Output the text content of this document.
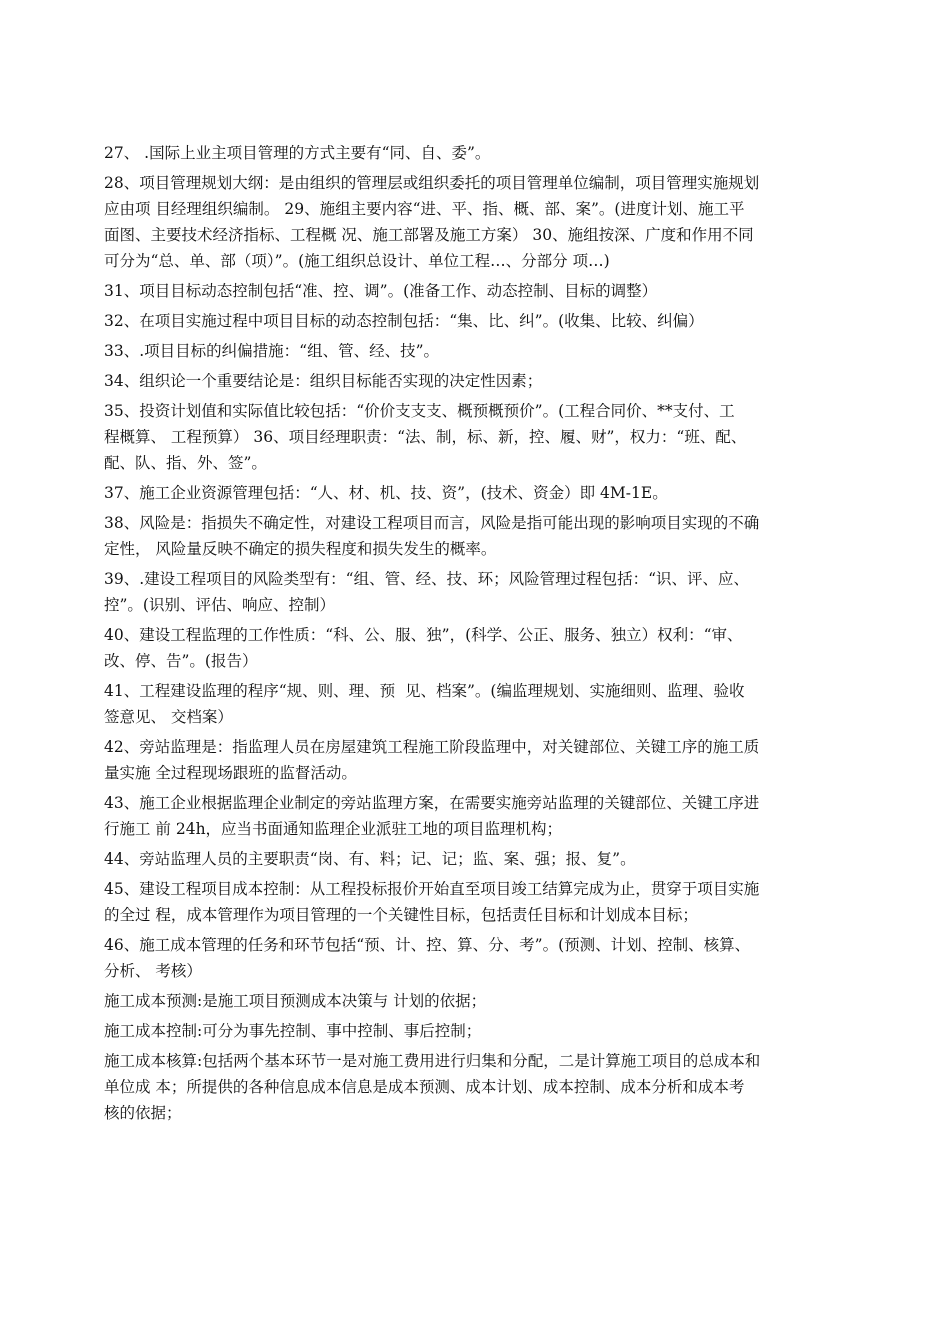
27、 .国际上业主项目管理的方式主要有“同、自、委”。

28、项目管理规划大纲：是由组织的管理层或组织委托的项目管理单位编制，项目管理实施规划
应由项 目经理组织编制。 29、施组主要内容“进、平、指、概、部、案”。(进度计划、施工平
面图、主要技术经济指标、工程概 况、施工部署及施工方案） 30、施组按深、广度和作用不同
可分为“总、单、部（项）”。(施工组织总设计、单位工程…、分部分 项…)

31、项目目标动态控制包括“准、控、调”。(准备工作、动态控制、目标的调整）

32、在项目实施过程中项目目标的动态控制包括：“集、比、纠”。(收集、比较、纠偏）

33、.项目目标的纠偏措施：“组、管、经、技”。

34、组织论一个重要结论是：组织目标能否实现的决定性因素；

35、投资计划值和实际值比较包括：“价价支支支、概预概预价”。(工程合同价、**支付、工
程概算、 工程预算） 36、项目经理职责：“法、制，标、新，控、履、财”，权力：“班、配、
配、队、指、外、签”。

37、施工企业资源管理包括：“人、材、机、技、资”，(技术、资金）即 4M-1E。

38、风险是：指损失不确定性，对建设工程项目而言，风险是指可能出现的影响项目实现的不确
定性， 风险量反映不确定的损失程度和损失发生的概率。

39、.建设工程项目的风险类型有：“组、管、经、技、环；风险管理过程包括：“识、评、应、
控”。(识别、评估、响应、控制）

40、建设工程监理的工作性质：“科、公、服、独”，(科学、公正、服务、独立）权利：“审、
改、停、告”。(报告）

41、工程建设监理的程序“规、则、理、预  见、档案”。(编监理规划、实施细则、监理、验收
签意见、 交档案）

42、旁站监理是：指监理人员在房屋建筑工程施工阶段监理中，对关键部位、关键工序的施工质
量实施 全过程现场跟班的监督活动。

43、施工企业根据监理企业制定的旁站监理方案，在需要实施旁站监理的关键部位、关键工序进
行施工 前 24h，应当书面通知监理企业派驻工地的项目监理机构；

44、旁站监理人员的主要职责“岗、有、料；记、记；监、案、强；报、复”。

45、建设工程项目成本控制：从工程投标报价开始直至项目竣工结算完成为止，贯穿于项目实施
的全过 程，成本管理作为项目管理的一个关键性目标，包括责任目标和计划成本目标；

46、施工成本管理的任务和环节包括“预、计、控、算、分、考”。(预测、计划、控制、核算、
分析、 考核）

施工成本预测:是施工项目预测成本决策与 计划的依据；

施工成本控制:可分为事先控制、事中控制、事后控制；

施工成本核算:包括两个基本环节一是对施工费用进行归集和分配，二是计算施工项目的总成本和
单位成 本；所提供的各种信息成本信息是成本预测、成本计划、成本控制、成本分析和成本考
核的依据；
